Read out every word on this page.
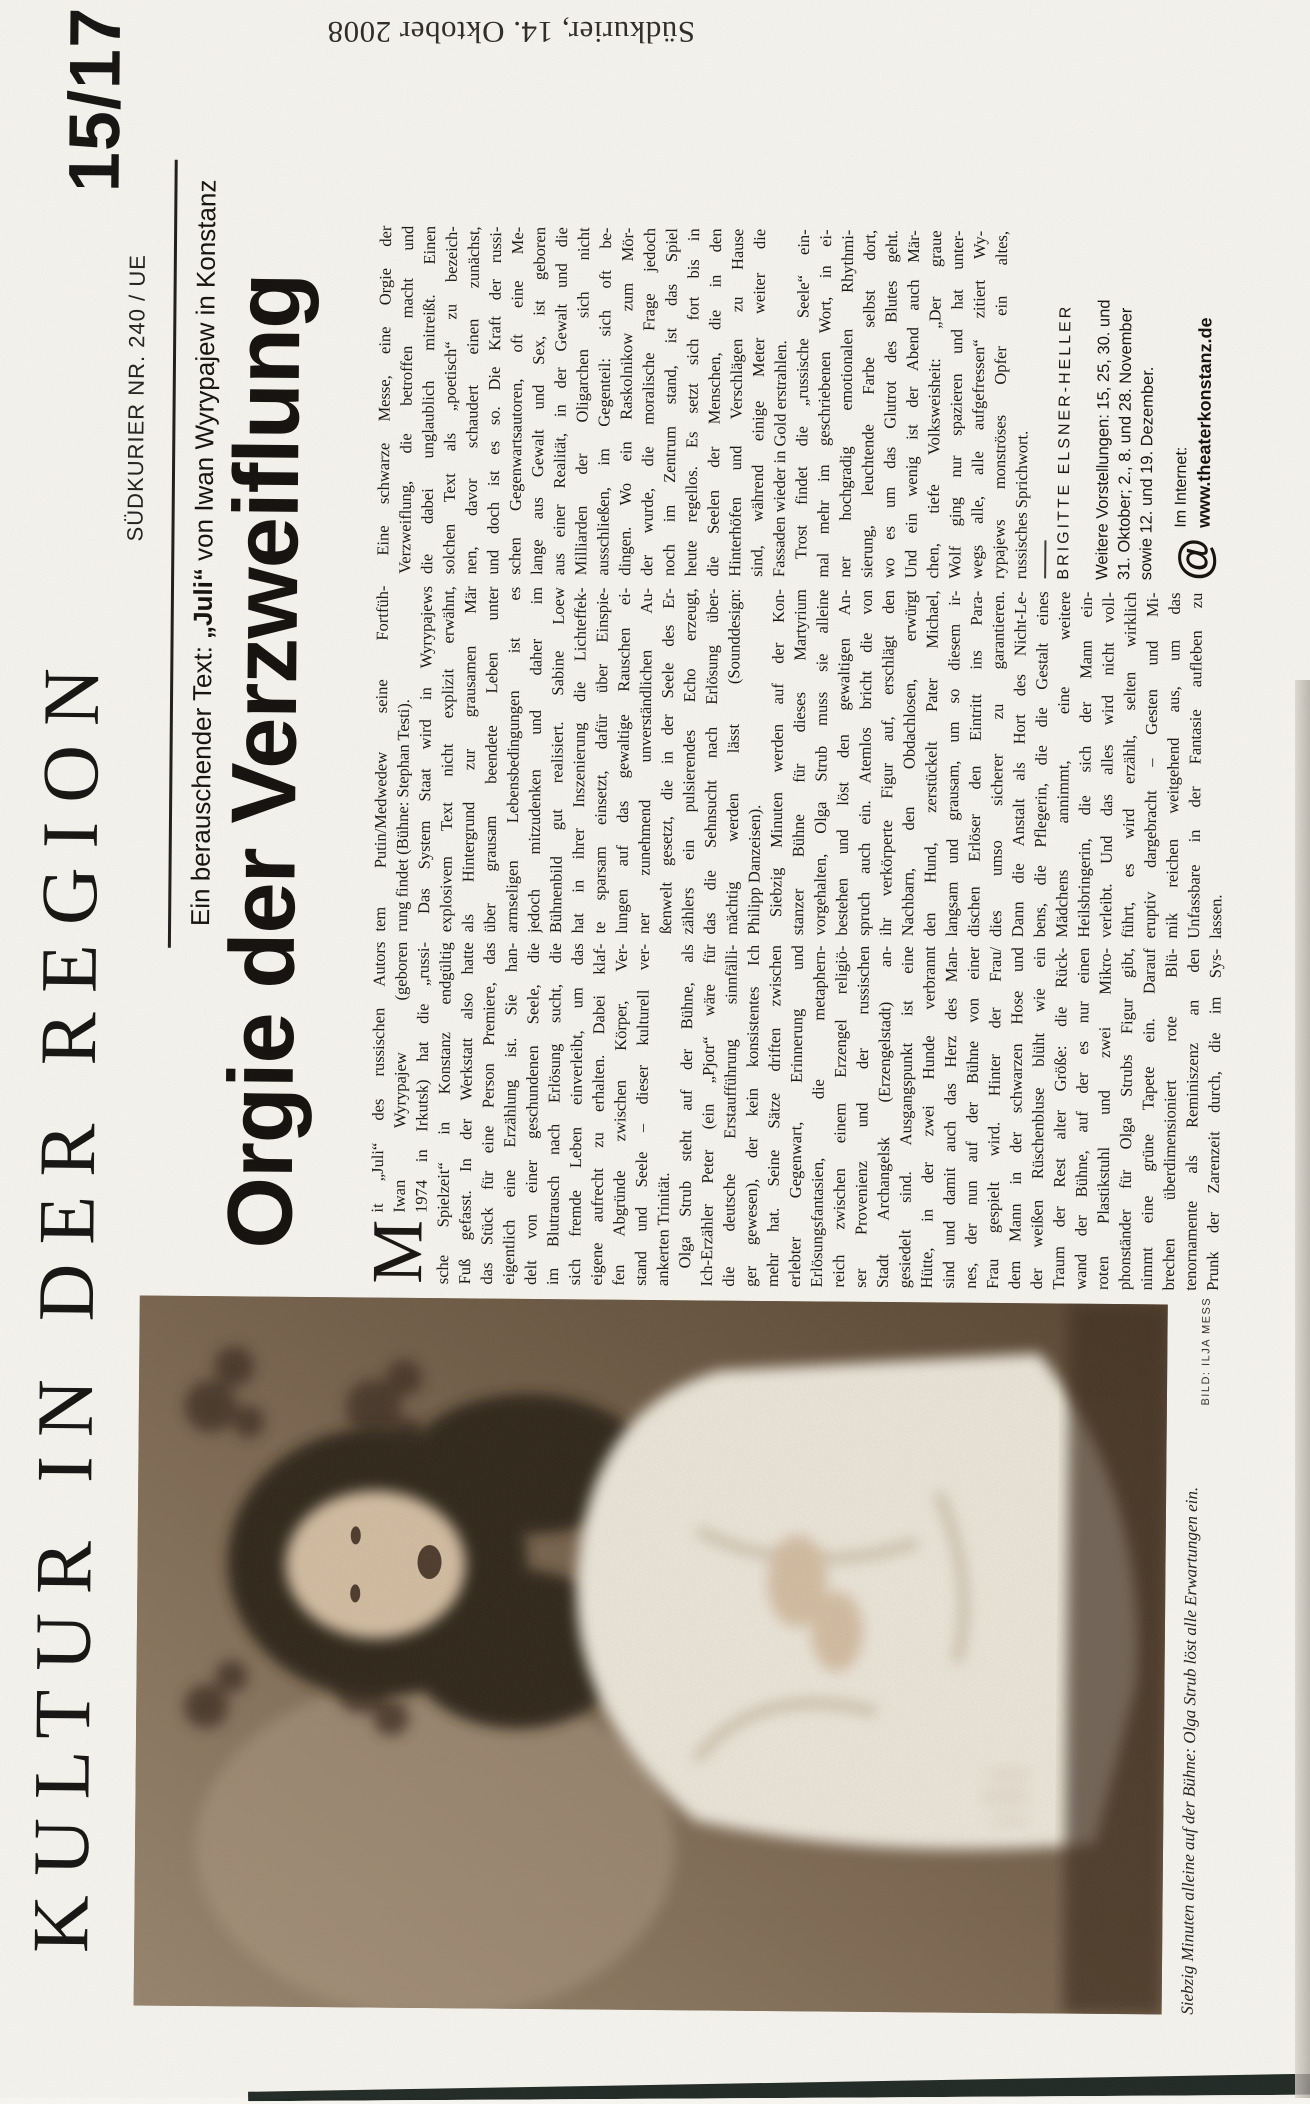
Südkurier, 14. Oktober 2008
KULTUR IN DER REGION
SÜDKURIER NR. 240 / UE
15/17
Ein berauschender Text: „Juli“ von Iwan Wyrypajew in Konstanz
Orgie der Verzweiflung
Siebzig Minuten alleine auf der Bühne: Olga Strub löst alle Erwartungen ein.
BILD: ILJA MESS
M
it „Juli“ des russischen Autors Iwan Wyrypajew (geboren 1974 in Irkutsk) hat die „russi- sche Spielzeit“ in Konstanz endgültig Fuß gefasst. In der Werkstatt also hatte das Stück für eine Person Premiere, das eigentlich eine Erzählung ist. Sie han- delt von einer geschundenen Seele, die im Blutrausch nach Erlösung sucht, die sich fremde Leben einverleibt, um das eigene aufrecht zu erhalten. Dabei klaf- fen Abgründe zwischen Körper, Ver- stand und Seele – dieser kulturell ver- ankerten Trinität. Olga Strub steht auf der Bühne, als Ich-Erzähler Peter (ein „Pjotr“ wäre für die deutsche Erstaufführung sinnfälli- ger gewesen), der kein konsistentes Ich mehr hat. Seine Sätze driften zwischen erlebter Gegenwart, Erinnerung und Erlösungsfantasien, die metaphern- reich zwischen einem Erzengel religiö- ser Provenienz und der russischen Stadt Archangelsk (Erzengelstadt) an- gesiedelt sind. Ausgangspunkt ist eine Hütte, in der zwei Hunde verbrannt sind und damit auch das Herz des Man- nes, der nun auf der Bühne von einer Frau gespielt wird. Hinter der Frau/ dem Mann in der schwarzen Hose und der weißen Rüschenbluse blüht wie ein Traum der Rest alter Größe: die Rück- wand der Bühne, auf der es nur einen roten Plastikstuhl und zwei Mikro- phonständer für Olga Strubs Figur gibt, nimmt eine grüne Tapete ein. Darauf brechen überdimensioniert rote Blü- tenornamente als Reminiszenz an den Prunk der Zarenzeit durch, die im Sys-
tem Putin/Medwedew seine Fortfüh- rung findet (Bühne: Stephan Testi). Das System Staat wird in Wyrypajews explosivem Text nicht explizit erwähnt, als Hintergrund zur grausamen Mär über grausam beendete Leben unter armseligen Lebensbedingungen ist es jedoch mitzudenken und daher im Bühnenbild gut realisiert. Sabine Loew hat in ihrer Inszenierung die Lichteffek- te sparsam einsetzt, dafür über Einspie- lungen auf das gewaltige Rauschen ei- ner zunehmend unverständlichen Au- ßenwelt gesetzt, die in der Seele des Er- zählers ein pulsierendes Echo erzeugt, das die Sehnsucht nach Erlösung über- mächtig werden lässt (Sounddesign: Philipp Danzeisen). Siebzig Minuten werden auf der Kon- stanzer Bühne für dieses Martyrium vorgehalten, Olga Strub muss sie alleine bestehen und löst den gewaltigen An- spruch auch ein. Atemlos bricht die von ihr verkörperte Figur auf, erschlägt den Nachbarn, den Obdachlosen, erwürgt den Hund, zerstückelt Pater Michael, langsam und grausam, um so diesem ir- dischen Erlöser den Eintritt ins Para- dies umso sicherer zu garantieren. Dann die Anstalt als Hort des Nicht-Le- bens, die Pflegerin, die die Gestalt eines Mädchens annimmt, eine weitere Heilsbringerin, die sich der Mann ein- verleibt. Und das alles wird nicht voll- führt, es wird erzählt, selten wirklich eruptiv dargebracht – Gesten und Mi- mik reichen weitgehend aus, um das Unfassbare in der Fantasie aufleben zu lassen.
Eine schwarze Messe, eine Orgie der Verzweiflung, die betroffen macht und die dabei unglaublich mitreißt. Einen solchen Text als „poetisch“ zu bezeich- nen, davor schaudert einen zunächst, und doch ist es so. Die Kraft der russi- schen Gegenwartsautoren, oft eine Me- lange aus Gewalt und Sex, ist geboren aus einer Realität, in der Gewalt und die Milliarden der Oligarchen sich nicht ausschließen, im Gegenteil: sich oft be- dingen. Wo ein Raskolnikow zum Mör- der wurde, die moralische Frage jedoch noch im Zentrum stand, ist das Spiel heute regellos. Es setzt sich fort bis in die Seelen der Menschen, die in den Hinterhöfen und Verschlägen zu Hause sind, während einige Meter weiter die Fassaden wieder in Gold erstrahlen. Trost findet die „russische Seele“ ein- mal mehr im geschriebenen Wort, in ei- ner hochgradig emotionalen Rhythmi- sierung, leuchtende Farbe selbst dort, wo es um das Glutrot des Blutes geht. Und ein wenig ist der Abend auch Mär- chen, tiefe Volksweisheit: „Der graue Wolf ging nur spazieren und hat unter- wegs alle, alle aufgefressen“ zitiert Wy- rypajews monströses Opfer ein altes, russisches Sprichwort. BRIGITTE ELSNER-HELLER Weitere Vorstellungen: 15, 25, 30. und 31. Oktober; 2., 8. und 28. November sowie 12. und 19. Dezember. @
Im Internet: www.theaterkonstanz.de
